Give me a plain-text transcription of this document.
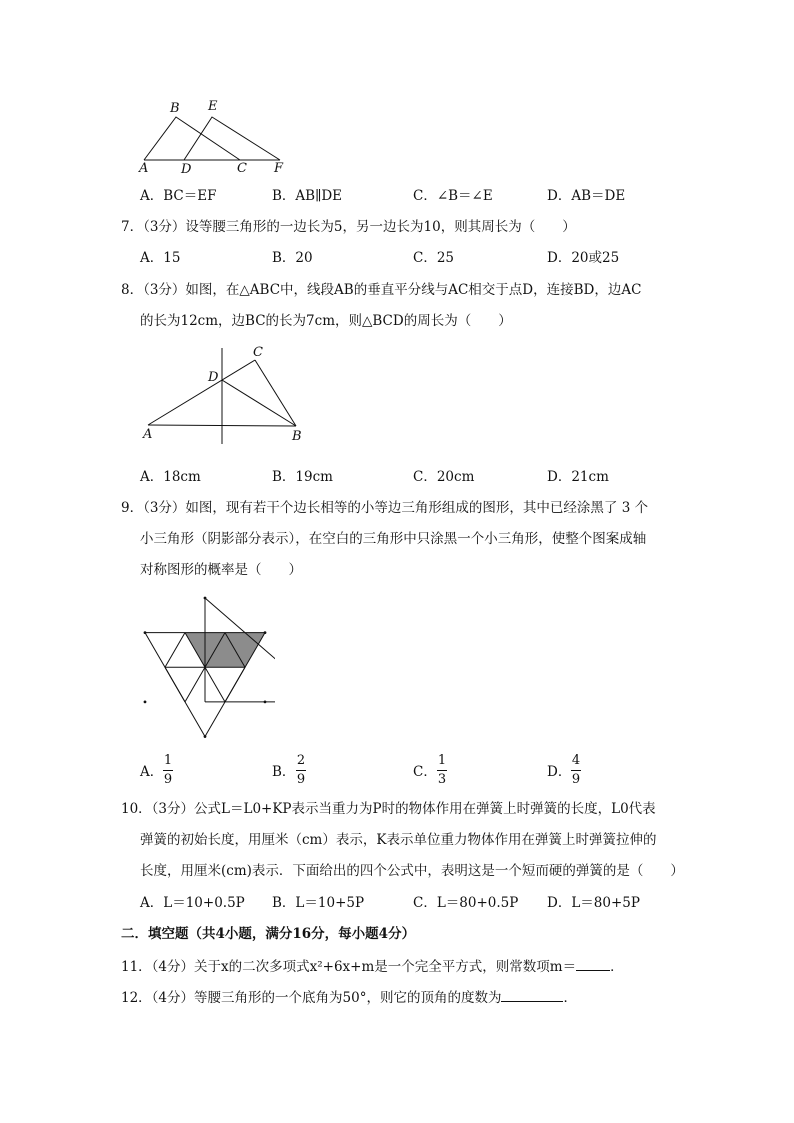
B E
A	D	C F
A．BC＝EF	B．AB∥DE	C．∠B＝∠E	D．AB＝DE
7．（3分）设等腰三角形的一边长为5，另一边长为10，则其周长为（　　）
A．15	B．20	C．25	D．20或25
8．（3分）如图，在△ABC中，线段AB的垂直平分线与AC相交于点D，连接BD，边AC
的长为12cm，边BC的长为7cm，则△BCD的周长为（　　）
C
D
A	B
A．18cm	B．19cm	C．20cm	D．21cm
9．（3分）如图，现有若干个边长相等的小等边三角形组成的图形，其中已经涂黑了 3 个
小三角形（阴影部分表示），在空白的三角形中只涂黑一个小三角形，使整个图案成轴
对称图形的概率是（　　）
A．
1
9	B．
2
9	C．
1
3	D．
4
9
10．（3分）公式L＝L0+KP表示当重力为P时的物体作用在弹簧上时弹簧的长度，L0代表
弹簧的初始长度，用厘米（cm）表示，K表示单位重力物体作用在弹簧上时弹簧拉伸的
长度，用厘米(cm)表示．下面给出的四个公式中，表明这是一个短而硬的弹簧的是（　　）
A．L＝10+0.5P B．L＝10+5P	C．L＝80+0.5P D．L＝80+5P
二．填空题（共4小题，满分16分，每小题4分）
11．（4分）关于x的二次多项式x²+6x+m是一个完全平方式，则常数项m＝	．
12．（4分）等腰三角形的一个底角为50°，则它的顶角的度数为	．
